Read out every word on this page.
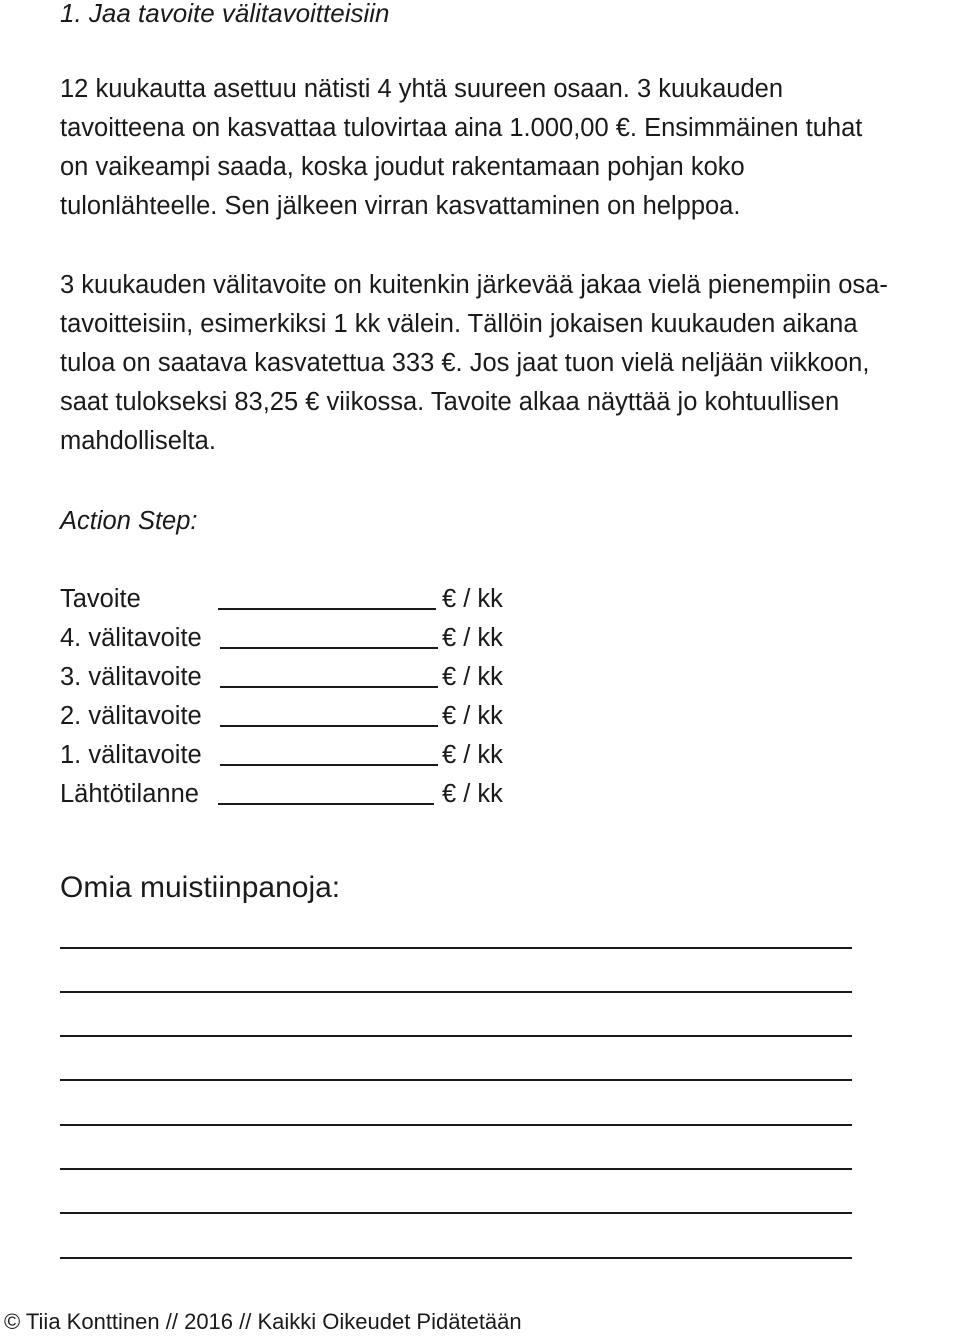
1. Jaa tavoite välitavoitteisiin
12 kuukautta asettuu nätisti 4 yhtä suureen osaan. 3 kuukauden
tavoitteena on kasvattaa tulovirtaa aina 1.000,00 €. Ensimmäinen tuhat
on vaikeampi saada, koska joudut rakentamaan pohjan koko
tulonlähteelle. Sen jälkeen virran kasvattaminen on helppoa.
3 kuukauden välitavoite on kuitenkin järkevää jakaa vielä pienempiin osa-
tavoitteisiin, esimerkiksi 1 kk välein. Tällöin jokaisen kuukauden aikana
tuloa on saatava kasvatettua 333 €. Jos jaat tuon vielä neljään viikkoon,
saat tulokseksi 83,25 € viikossa. Tavoite alkaa näyttää jo kohtuullisen
mahdolliselta.

Action Step:

Tavoite	€ / kk
4. välitavoite	€ / kk
3. välitavoite	€ / kk
2. välitavoite	€ / kk
1. välitavoite	€ / kk
Lähtötilanne	€ / kk

Omia muistiinpanoja:

© Tiia Konttinen // 2016 // Kaikki Oikeudet Pidätetään
